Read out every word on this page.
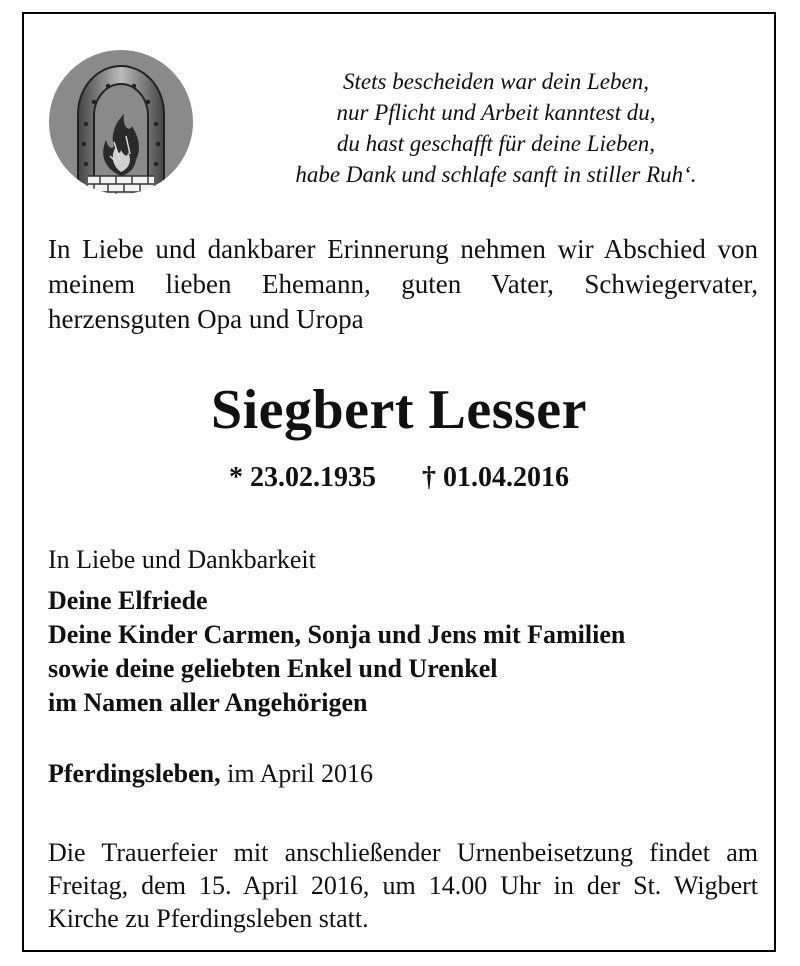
Stets bescheiden war dein Leben,
nur Pflicht und Arbeit kanntest du,
du hast geschafft für deine Lieben,
habe Dank und schlafe sanft in stiller Ruh‘.
In Liebe und dankbarer Erinnerung nehmen wir Abschied von meinem lieben Ehemann, guten Vater, Schwiegervater, herzensguten Opa und Uropa
Siegbert Lesser
* 23.02.1935 † 01.04.2016
In Liebe und Dankbarkeit
Deine Elfriede
Deine Kinder Carmen, Sonja und Jens mit Familien
sowie deine geliebten Enkel und Urenkel
im Namen aller Angehörigen
Pferdingsleben, im April 2016
Die Trauerfeier mit anschließender Urnenbeisetzung findet am Freitag, dem 15. April 2016, um 14.00 Uhr in der St. Wigbert Kirche zu Pferdingsleben statt.
